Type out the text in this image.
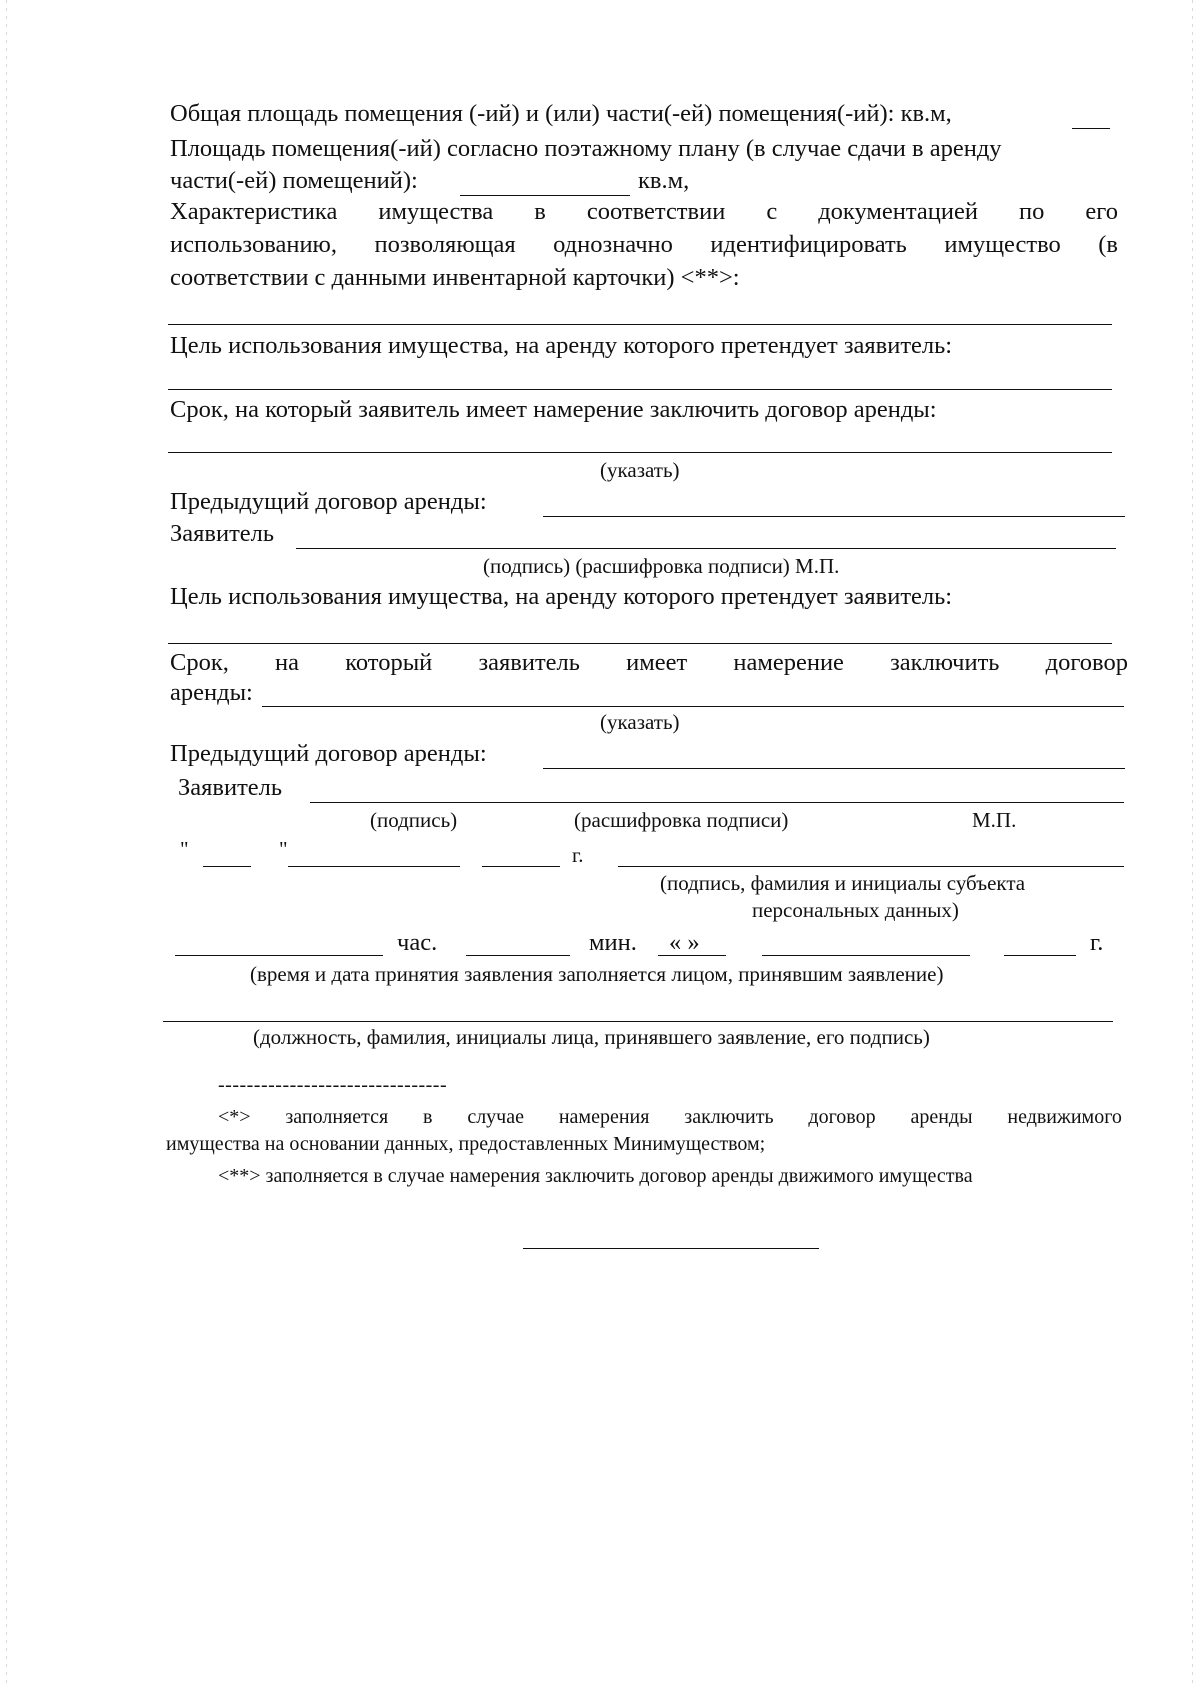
Общая площадь помещения (-ий) и (или) части(-ей) помещения(-ий): кв.м,
Площадь помещения(-ий) согласно поэтажному плану (в случае сдачи в аренду
части(-ей) помещений):	кв.м,
Характеристика имущества в соответствии с документацией по его
использованию, позволяющая однозначно идентифицировать имущество (в
соответствии с данными инвентарной карточки) <**>:
Цель использования имущества, на аренду которого претендует заявитель:
Срок, на который заявитель имеет намерение заключить договор аренды:
(указать)
Предыдущий договор аренды:
Заявитель
(подпись) (расшифровка подписи) М.П.
Цель использования имущества, на аренду которого претендует заявитель:
Срок, на который заявитель имеет намерение заключить договор
аренды:
(указать)
Предыдущий договор аренды:
Заявитель
(подпись)	(расшифровка подписи)	М.П.
"	"	г.
(подпись, фамилия и инициалы субъекта
персональных данных)
час.	мин. « »	г.
(время и дата принятия заявления заполняется лицом, принявшим заявление)
(должность, фамилия, инициалы лица, принявшего заявление, его подпись)
--------------------------------
<*> заполняется в случае намерения заключить договор аренды недвижимого
имущества на основании данных, предоставленных Минимуществом;
<**> заполняется в случае намерения заключить договор аренды движимого имущества
